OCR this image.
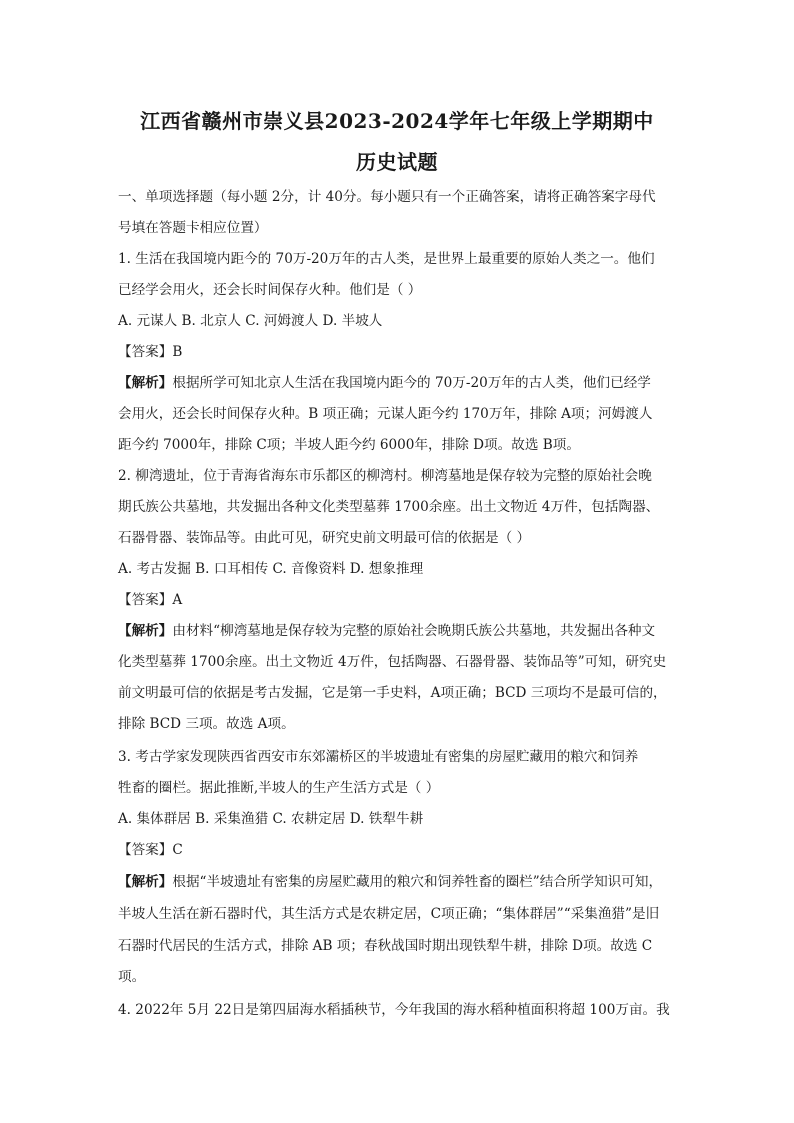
江西省赣州市崇义县2023-2024学年七年级上学期期中
历史试题
一、单项选择题（每小题 2分，计 40分。每小题只有一个正确答案，请将正确答案字母代
号填在答题卡相应位置）
1. 生活在我国境内距今的 70万-20万年的古人类，是世界上最重要的原始人类之一。他们
已经学会用火，还会长时间保存火种。他们是（ ）
A. 元谋人 B. 北京人 C. 河姆渡人 D. 半坡人
【答案】B
【解析】根据所学可知北京人生活在我国境内距今的 70万-20万年的古人类，他们已经学
会用火，还会长时间保存火种。B 项正确；元谋人距今约 170万年，排除 A项；河姆渡人
距今约 7000年，排除 C项；半坡人距今约 6000年，排除 D项。故选 B项。
2. 柳湾遗址，位于青海省海东市乐都区的柳湾村。柳湾墓地是保存较为完整的原始社会晚
期氏族公共墓地，共发掘出各种文化类型墓葬 1700余座。出土文物近 4万件，包括陶器、
石器骨器、装饰品等。由此可见，研究史前文明最可信的依据是（ ）
A. 考古发掘 B. 口耳相传 C. 音像资料 D. 想象推理
【答案】A
【解析】由材料“柳湾墓地是保存较为完整的原始社会晚期氏族公共墓地，共发掘出各种文
化类型墓葬 1700余座。出土文物近 4万件，包括陶器、石器骨器、装饰品等”可知，研究史
前文明最可信的依据是考古发掘，它是第一手史料，A项正确；BCD 三项均不是最可信的，
排除 BCD 三项。故选 A项。
3. 考古学家发现陕西省西安市东郊灞桥区的半坡遗址有密集的房屋贮藏用的粮穴和饲养
牲畜的圈栏。据此推断,半坡人的生产生活方式是（ ）
A. 集体群居 B. 采集渔猎 C. 农耕定居 D. 铁犁牛耕
【答案】C
【解析】根据“半坡遗址有密集的房屋贮藏用的粮穴和饲养牲畜的圈栏”结合所学知识可知，
半坡人生活在新石器时代，其生活方式是农耕定居，C项正确；“集体群居”“采集渔猎”是旧
石器时代居民的生活方式，排除 AB 项；春秋战国时期出现铁犁牛耕，排除 D项。故选 C
项。
4. 2022年 5月 22日是第四届海水稻插秧节，今年我国的海水稻种植面积将超 100万亩。我
